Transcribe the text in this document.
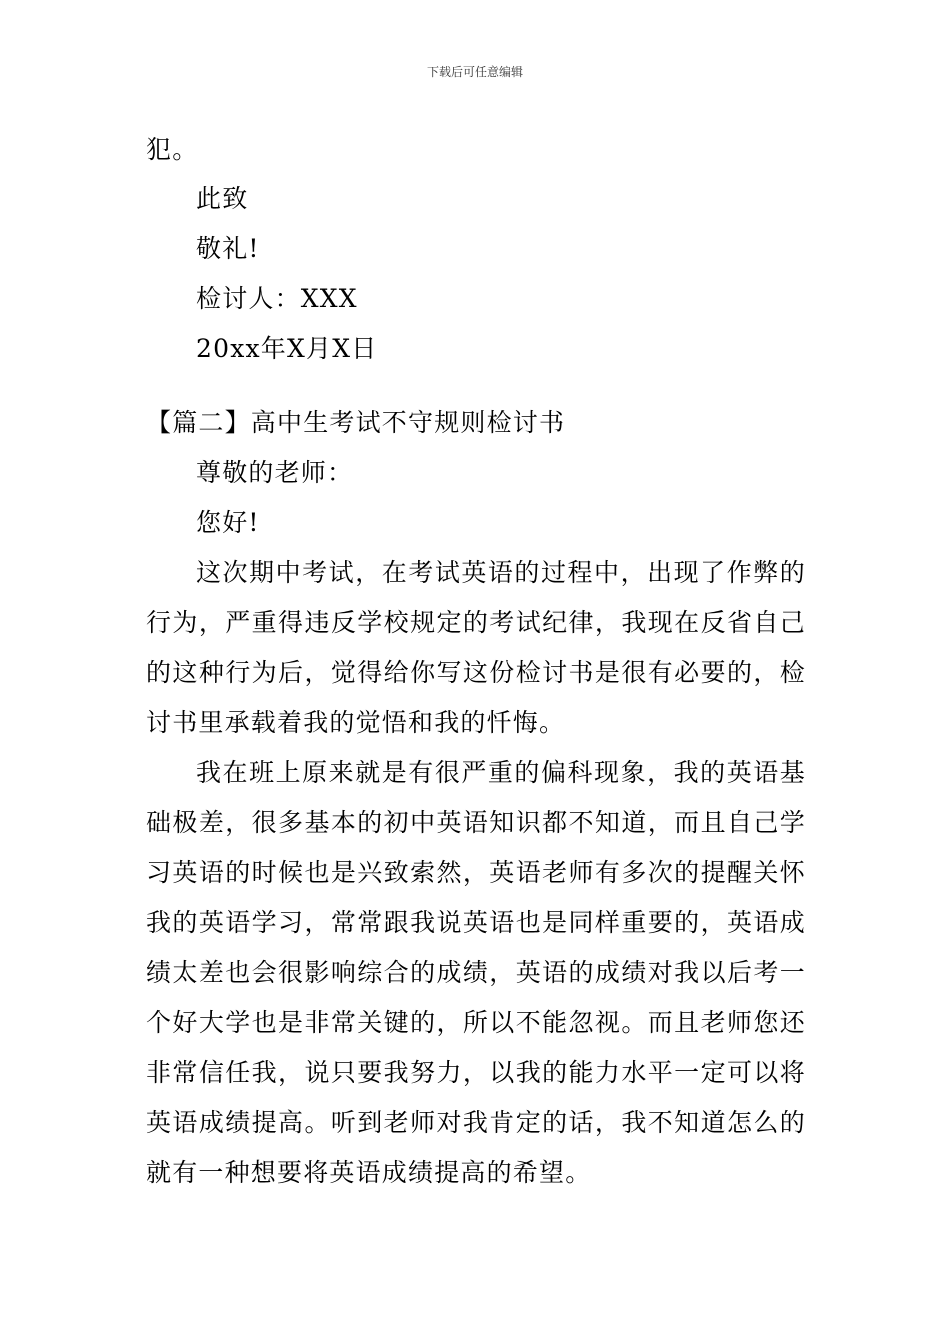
下载后可任意编辑
犯。
此致
敬礼!
检讨人：XXX
20xx年X月X日
【篇二】高中生考试不守规则检讨书
尊敬的老师：
您好!
这次期中考试，在考试英语的过程中，出现了作弊的
行为，严重得违反学校规定的考试纪律，我现在反省自己
的这种行为后，觉得给你写这份检讨书是很有必要的，检
讨书里承载着我的觉悟和我的忏悔。
我在班上原来就是有很严重的偏科现象，我的英语基
础极差，很多基本的初中英语知识都不知道，而且自己学
习英语的时候也是兴致索然，英语老师有多次的提醒关怀
我的英语学习，常常跟我说英语也是同样重要的，英语成
绩太差也会很影响综合的成绩，英语的成绩对我以后考一
个好大学也是非常关键的，所以不能忽视。而且老师您还
非常信任我，说只要我努力，以我的能力水平一定可以将
英语成绩提高。听到老师对我肯定的话，我不知道怎么的
就有一种想要将英语成绩提高的希望。
